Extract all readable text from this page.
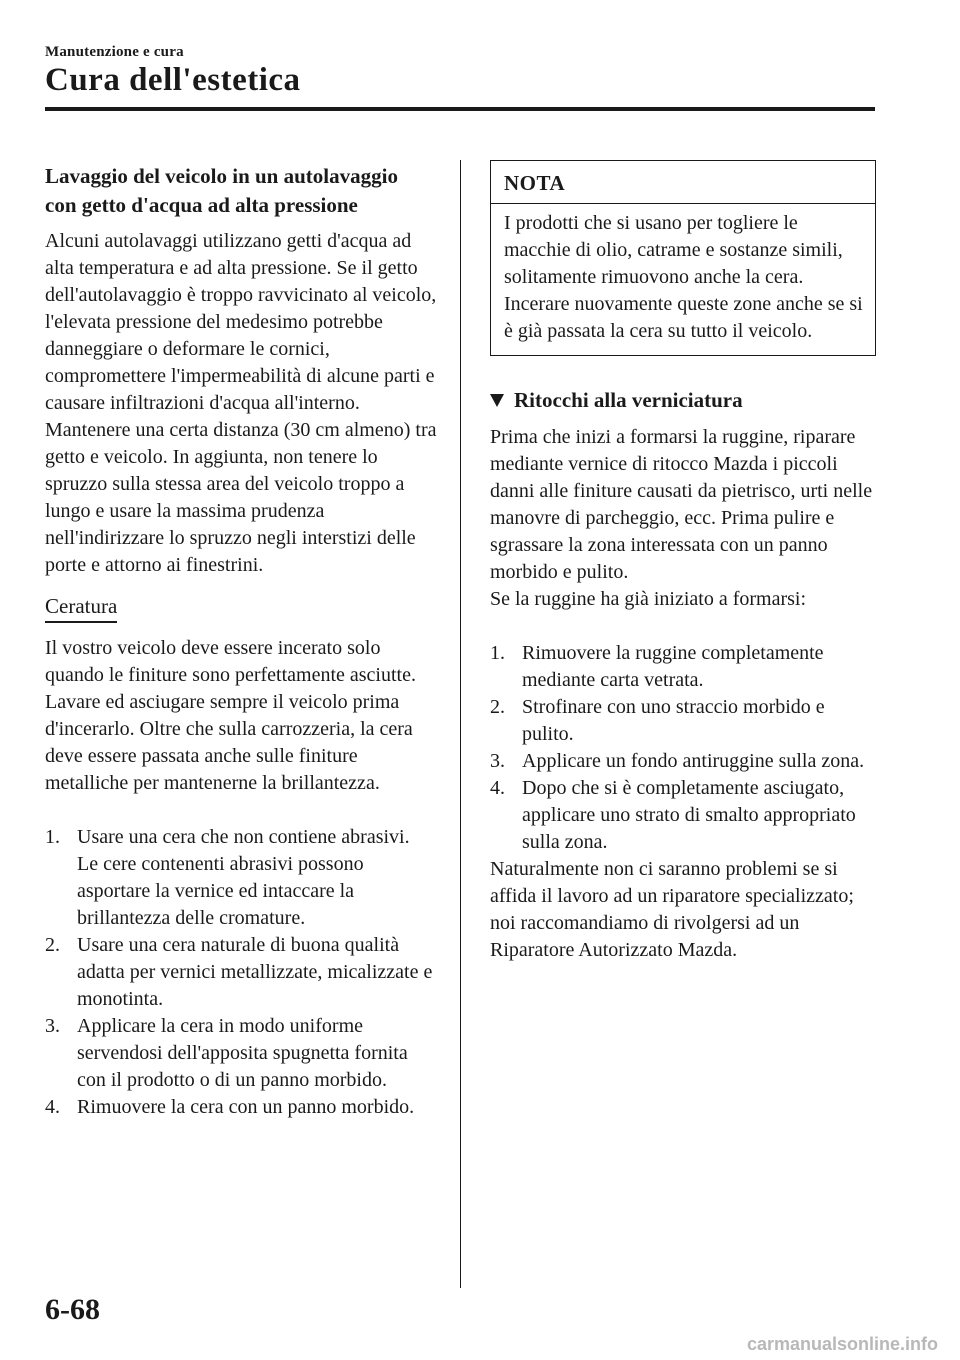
Manutenzione e cura
Cura dell'estetica
Lavaggio del veicolo in un autolavaggio
con getto d'acqua ad alta pressione

Alcuni autolavaggi utilizzano getti d'acqua ad alta temperatura e ad alta pressione. Se il getto dell'autolavaggio è troppo ravvicinato al veicolo, l'elevata pressione del medesimo potrebbe danneggiare o deformare le cornici, compromettere l'impermeabilità di alcune parti e causare infiltrazioni d'acqua all'interno. Mantenere una certa distanza (30 cm almeno) tra getto e veicolo. In aggiunta, non tenere lo spruzzo sulla stessa area del veicolo troppo a lungo e usare la massima prudenza nell'indirizzare lo spruzzo negli interstizi delle porte e attorno ai finestrini.

Ceratura

Il vostro veicolo deve essere incerato solo quando le finiture sono perfettamente asciutte.

Lavare ed asciugare sempre il veicolo prima d'incerarlo. Oltre che sulla carrozzeria, la cera deve essere passata anche sulle finiture metalliche per mantenerne la brillantezza.

1. Usare una cera che non contiene abrasivi.
Le cere contenenti abrasivi possono asportare la vernice ed intaccare la brillantezza delle cromature.
2. Usare una cera naturale di buona qualità adatta per vernici metallizzate, micalizzate e monotinta.
3. Applicare la cera in modo uniforme servendosi dell'apposita spugnetta fornita con il prodotto o di un panno morbido.
4. Rimuovere la cera con un panno morbido.
NOTA
I prodotti che si usano per togliere le macchie di olio, catrame e sostanze simili, solitamente rimuovono anche la cera. Incerare nuovamente queste zone anche se si è già passata la cera su tutto il veicolo.
Ritocchi alla verniciatura

Prima che inizi a formarsi la ruggine, riparare mediante vernice di ritocco Mazda i piccoli danni alle finiture causati da pietrisco, urti nelle manovre di parcheggio, ecc. Prima pulire e sgrassare la zona interessata con un panno morbido e pulito.

Se la ruggine ha già iniziato a formarsi:

1. Rimuovere la ruggine completamente mediante carta vetrata.
2. Strofinare con uno straccio morbido e pulito.
3. Applicare un fondo antiruggine sulla zona.
4. Dopo che si è completamente asciugato, applicare uno strato di smalto appropriato sulla zona.

Naturalmente non ci saranno problemi se si affida il lavoro ad un riparatore specializzato; noi raccomandiamo di rivolgersi ad un Riparatore Autorizzato Mazda.

6-68
carmanualsonline.info
